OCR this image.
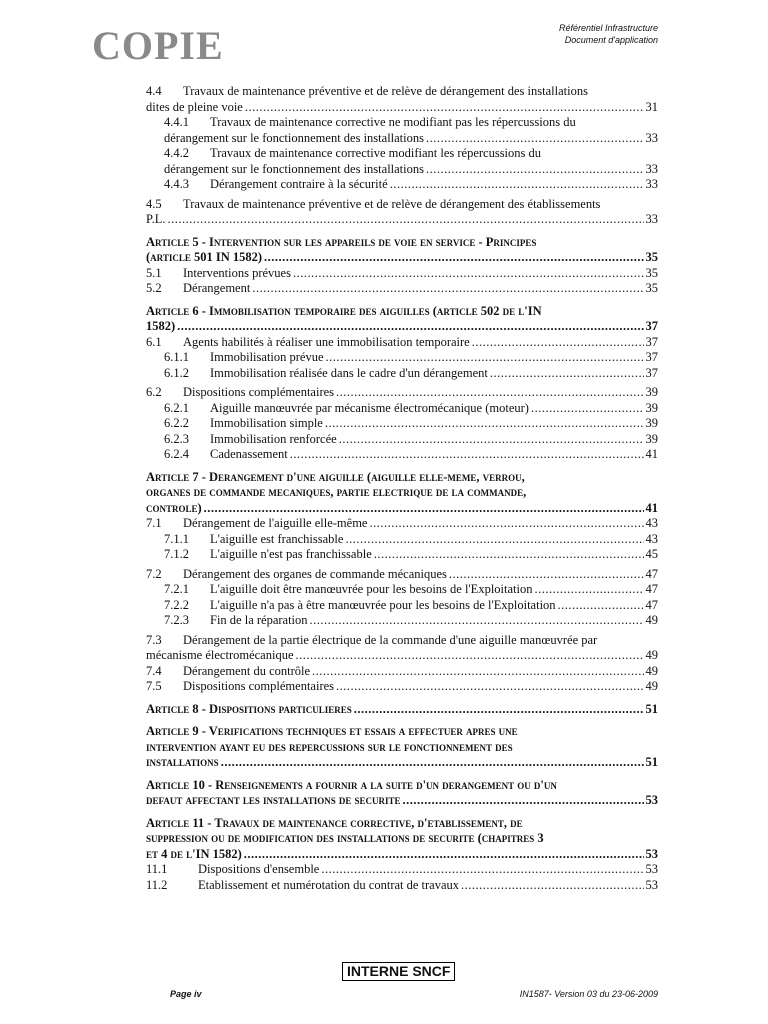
COPIE	Référentiel Infrastructure
Document d'application
4.4	Travaux de maintenance préventive et de relève de dérangement des installations
dites de pleine voie .....	31
4.4.1	Travaux de maintenance corrective ne modifiant pas les répercussions du
dérangement sur le fonctionnement des installations .....	33
4.4.2	Travaux de maintenance corrective modifiant les répercussions du
dérangement sur le fonctionnement des installations .....	33
4.4.3	Dérangement contraire à la sécurité .....	33
4.5	Travaux de maintenance préventive et de relève de dérangement des établissements
P.L. .....	33
Article 5 - Intervention sur les appareils de voie en service - Principes
(article 501 IN 1582) .....	35
5.1	Interventions prévues .....	35
5.2	Dérangement .....	35
Article 6 - Immobilisation temporaire des aiguilles (article 502 de l'IN
1582) .....	37
6.1	Agents habilités à réaliser une immobilisation temporaire .....	37
6.1.1	Immobilisation prévue .....	37
6.1.2	Immobilisation réalisée dans le cadre d'un dérangement .....	37
6.2	Dispositions complémentaires .....	39
6.2.1	Aiguille manœuvrée par mécanisme électromécanique (moteur) .....	39
6.2.2	Immobilisation simple .....	39
6.2.3	Immobilisation renforcée .....	39
6.2.4	Cadenassement .....	41
Article 7 - Derangement d'une aiguille (aiguille elle-meme, verrou,
organes de commande mecaniques, partie electrique de la commande,
controle) .....	41
7.1	Dérangement de l'aiguille elle-même .....	43
7.1.1	L'aiguille est franchissable .....	43
7.1.2	L'aiguille n'est pas franchissable .....	45
7.2	Dérangement des organes de commande mécaniques .....	47
7.2.1	L'aiguille doit être manœuvrée pour les besoins de l'Exploitation .....	47
7.2.2	L'aiguille n'a pas à être manœuvrée pour les besoins de l'Exploitation .....	47
7.2.3	Fin de la réparation .....	49
7.3	Dérangement de la partie électrique de la commande d'une aiguille manœuvrée par
mécanisme électromécanique .....	49
7.4	Dérangement du contrôle .....	49
7.5	Dispositions complémentaires .....	49
Article 8 - Dispositions particulieres .....	51
Article 9 - Verifications techniques et essais a effectuer apres une
intervention ayant eu des repercussions sur le fonctionnement des
installations .....	51
Article 10 - Renseignements a fournir a la suite d'un derangement ou d'un
defaut affectant les installations de securite .....	53
Article 11 - Travaux de maintenance corrective, d'etablissement, de
suppression ou de modification des installations de securite (chapitres 3
et 4 de l'IN 1582) .....	53
11.1	Dispositions d'ensemble .....	53
11.2	Etablissement et numérotation du contrat de travaux .....	53
INTERNE SNCF
Page iv	IN1587- Version 03 du 23-06-2009
